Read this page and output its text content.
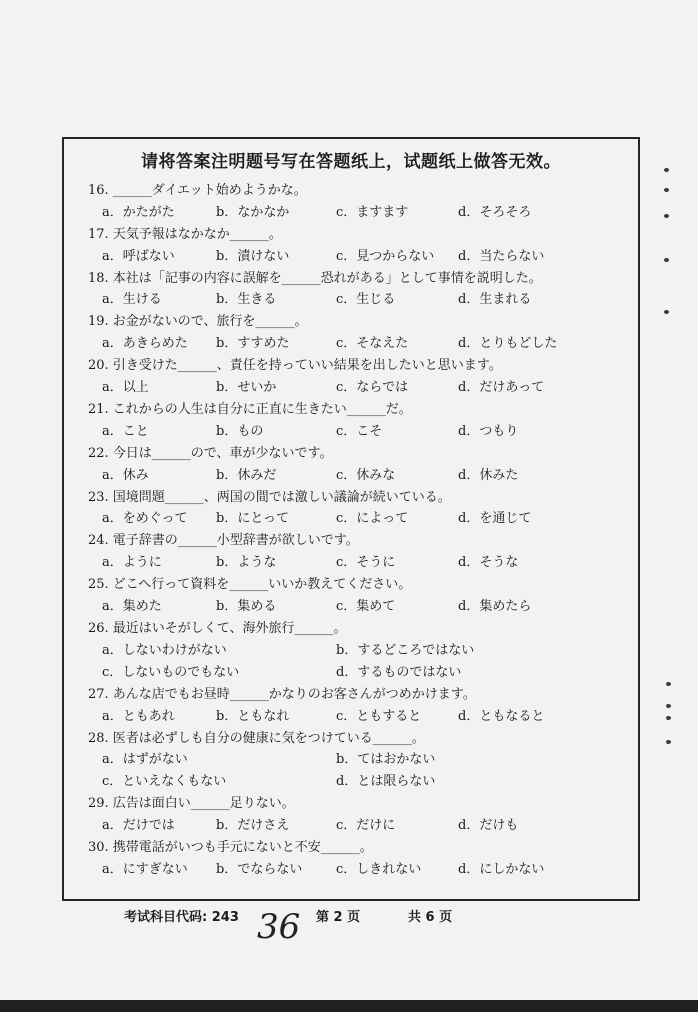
请将答案注明题号写在答题纸上，试题纸上做答无效。
16. ______ダイエット始めようかな。
a．かたがた	b．なかなか	c．ますます	d．そろそろ
17. 天気予報はなかなか______。
a．呼ばない	b．漬けない	c．見つからない d．当たらない
18. 本社は「記事の内容に誤解を______恐れがある」として事情を説明した。
a．生ける	b．生きる	c．生じる	d．生まれる
19. お金がないので、旅行を______。
a．あきらめた b．すすめた	c．そなえた	d．とりもどした
20. 引き受けた______、責任を持っていい結果を出したいと思います。
a．以上	b．せいか	c．ならでは	d．だけあって
21. これからの人生は自分に正直に生きたい______だ。
a．こと	b．もの	c．こそ	d．つもり
22. 今日は______ので、車が少ないです。
a．休み	b．休みだ	c．休みな	d．休みた
23. 国境問題______、两国の間では激しい議論が続いている。
a．をめぐって b．にとって	c．によって	d．を通じて
24. 電子辞書の______小型辞書が欲しいです。
a．ように	b．ような	c．そうに	d．そうな
25. どこへ行って資料を______いいか教えてください。
a．集めた	b．集める	c．集めて	d．集めたら
26. 最近はいそがしくて、海外旅行______。
a．しないわけがない	b．するどころではない
c．しないものでもない	d．するものではない
27. あんな店でもお昼時______かなりのお客さんがつめかけます。
a．ともあれ	b．ともなれ	c．ともすると	d．ともなると
28. 医者は必ずしも自分の健康に気をつけている______。
a．はずがない	b．てはおかない
c．といえなくもない	d．とは限らない
29. 広告は面白い______足りない。
a．だけでは	b．だけさえ	c．だけに	d．だけも
30. 携帯電話がいつも手元にないと不安______。
a．にすぎない b．でならない	c．しきれない	d．にしかない
考试科目代码: 243 36 第 2 页	共 6 页
